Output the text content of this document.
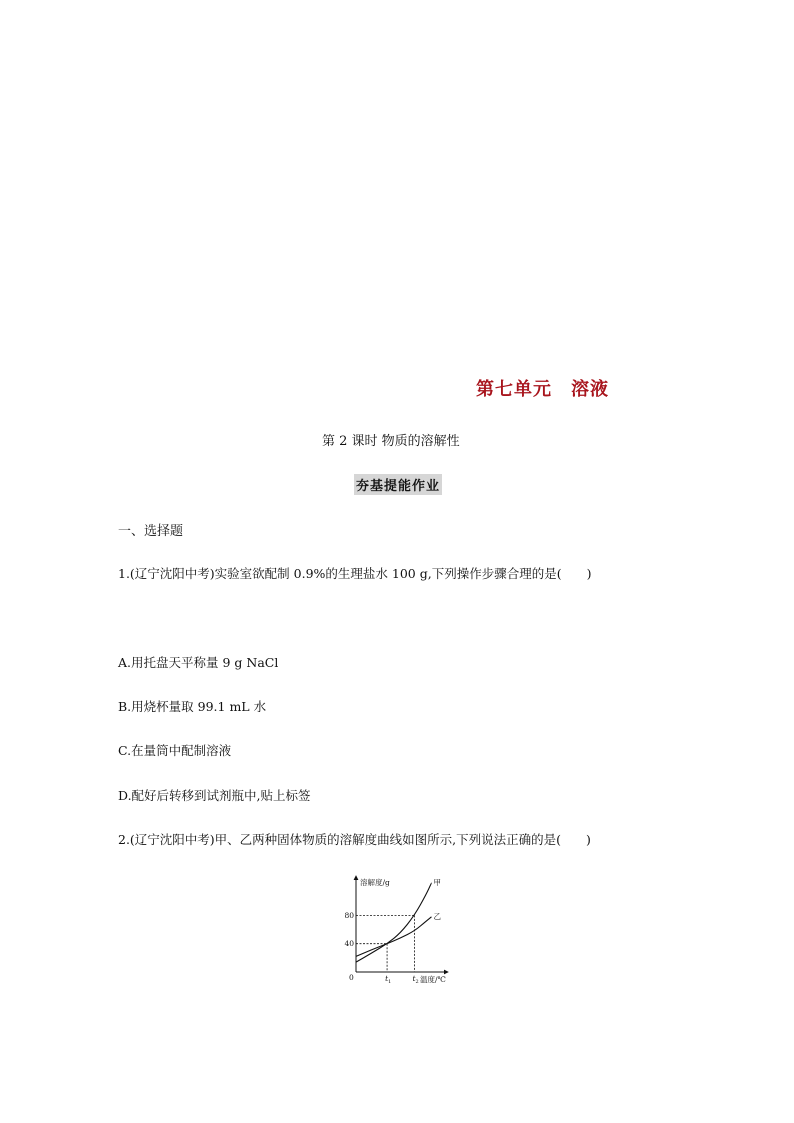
第七单元　溶液
第 2 课时 物质的溶解性
夯基提能作业
一、选择题
1.(辽宁沈阳中考)实验室欲配制 0.9%的生理盐水 100 g,下列操作步骤合理的是(　　)
A.用托盘天平称量 9 g NaCl
B.用烧杯量取 99.1 mL 水
C.在量筒中配制溶液
D.配好后转移到试剂瓶中,贴上标签
2.(辽宁沈阳中考)甲、乙两种固体物质的溶解度曲线如图所示,下列说法正确的是(　　)
溶解度/g
温度/℃
0
40
80
$t_1$	$t_2$
甲
乙
